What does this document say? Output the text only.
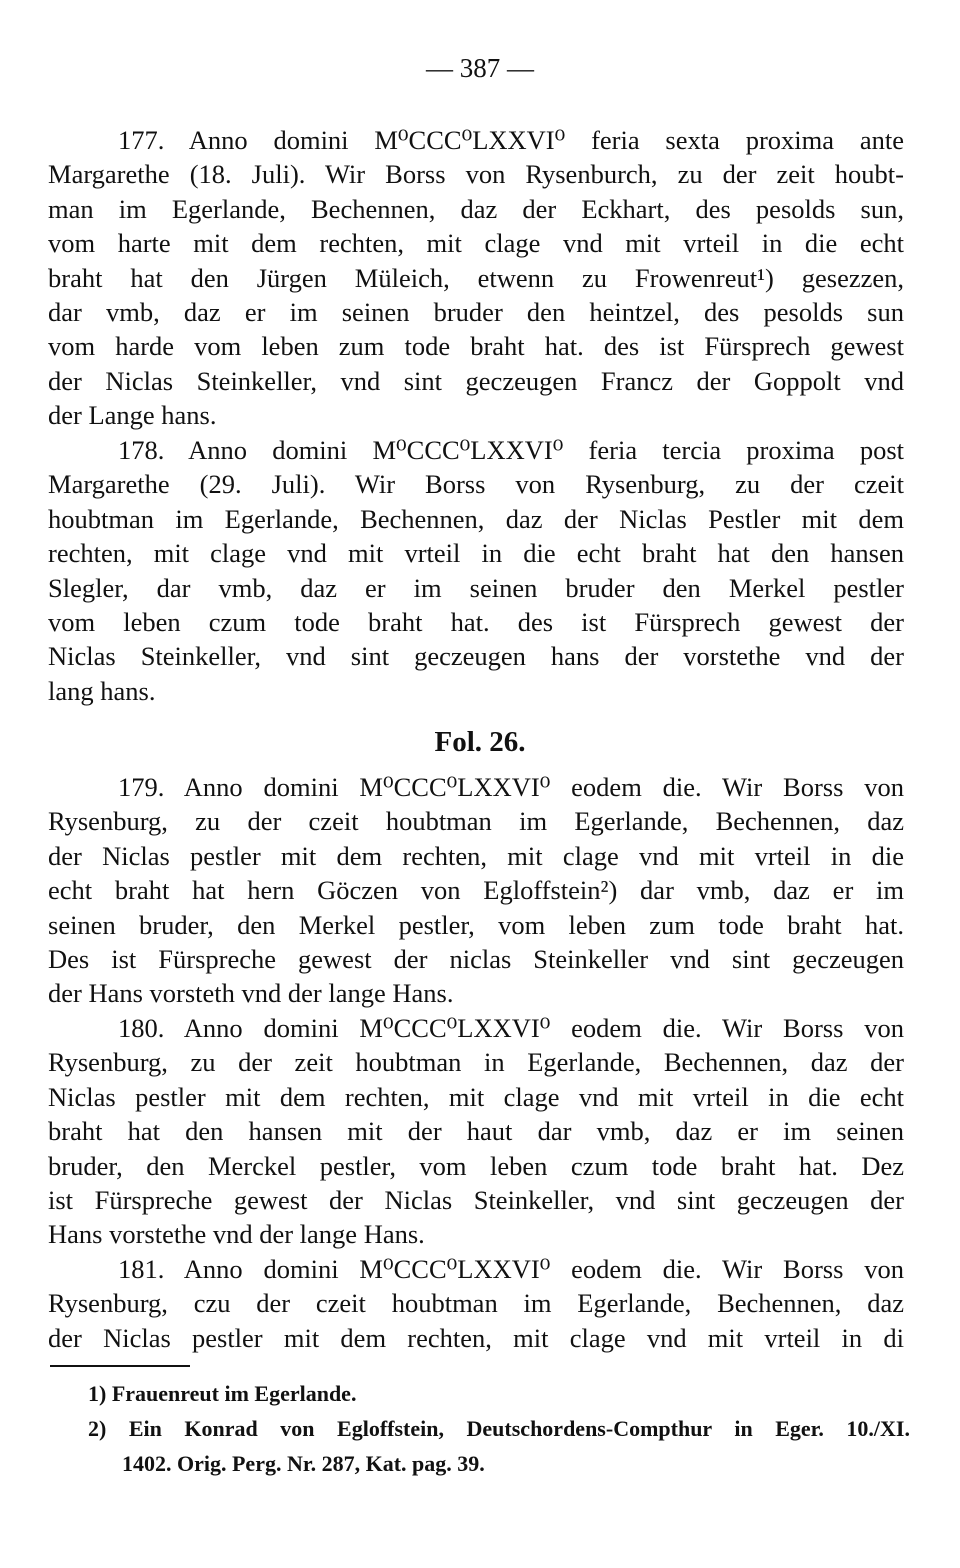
— 387 —
177. Anno domini M⁰CCC⁰LXXVI⁰ feria sexta proxima ante
Margarethe (18. Juli). Wir Borss von Rysenburch, zu der zeit houbt-
man im Egerlande, Bechennen, daz der Eckhart, des pesolds sun,
vom harte mit dem rechten, mit clage vnd mit vrteil in die echt
braht hat den Jürgen Müleich, etwenn zu Frowenreut¹) gesezzen,
dar vmb, daz er im seinen bruder den heintzel, des pesolds sun
vom harde vom leben zum tode braht hat. des ist Fürsprech gewest
der Niclas Steinkeller, vnd sint geczeugen Francz der Goppolt vnd
der Lange hans.
178. Anno domini M⁰CCC⁰LXXVI⁰ feria tercia proxima post
Margarethe (29. Juli). Wir Borss von Rysenburg, zu der czeit
houbtman im Egerlande, Bechennen, daz der Niclas Pestler mit dem
rechten, mit clage vnd mit vrteil in die echt braht hat den hansen
Slegler, dar vmb, daz er im seinen bruder den Merkel pestler
vom leben czum tode braht hat. des ist Fürsprech gewest der
Niclas Steinkeller, vnd sint geczeugen hans der vorstethe vnd der
lang hans.
Fol. 26.
179. Anno domini M⁰CCC⁰LXXVI⁰ eodem die. Wir Borss von
Rysenburg, zu der czeit houbtman im Egerlande, Bechennen, daz
der Niclas pestler mit dem rechten, mit clage vnd mit vrteil in die
echt braht hat hern Göczen von Egloffstein²) dar vmb, daz er im
seinen bruder, den Merkel pestler, vom leben zum tode braht hat.
Des ist Fürspreche gewest der niclas Steinkeller vnd sint geczeugen
der Hans vorsteth vnd der lange Hans.
180. Anno domini M⁰CCC⁰LXXVI⁰ eodem die. Wir Borss von
Rysenburg, zu der zeit houbtman in Egerlande, Bechennen, daz der
Niclas pestler mit dem rechten, mit clage vnd mit vrteil in die echt
braht hat den hansen mit der haut dar vmb, daz er im seinen
bruder, den Merckel pestler, vom leben czum tode braht hat. Dez
ist Fürspreche gewest der Niclas Steinkeller, vnd sint geczeugen der
Hans vorstethe vnd der lange Hans.
181. Anno domini M⁰CCC⁰LXXVI⁰ eodem die. Wir Borss von
Rysenburg, czu der czeit houbtman im Egerlande, Bechennen, daz
der Niclas pestler mit dem rechten, mit clage vnd mit vrteil in di
1) Frauenreut im Egerlande.
2) Ein Konrad von Egloffstein, Deutschordens-Compthur in Eger. 10./XI.
1402. Orig. Perg. Nr. 287, Kat. pag. 39.
